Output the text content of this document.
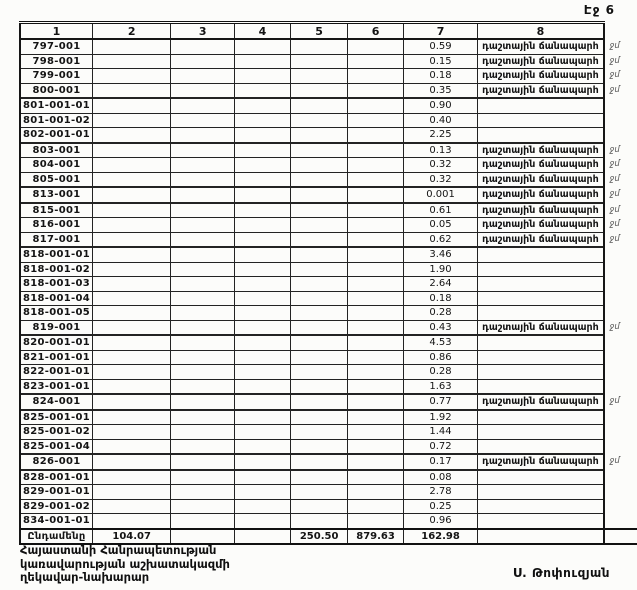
Էջ 6
1	2	3	4	5	6	7	8	
797-001						0.59	դաշտային ճանապարհ	ջմ
798-001						0.15	դաշտային ճանապարհ	ջմ
799-001						0.18	դաշտային ճանապարհ	ջմ
800-001						0.35	դաշտային ճանապարհ	ջմ
801-001-01						0.90		
801-001-02						0.40		
802-001-01						2.25		
803-001						0.13	դաշտային ճանապարհ	ջմ
804-001						0.32	դաշտային ճանապարհ	ջմ
805-001						0.32	դաշտային ճանապարհ	ջմ
813-001						0.001	դաշտային ճանապարհ	ջմ
815-001						0.61	դաշտային ճանապարհ	ջմ
816-001						0.05	դաշտային ճանապարհ	ջմ
817-001						0.62	դաշտային ճանապարհ	ջմ
818-001-01						3.46		
818-001-02						1.90		
818-001-03						2.64		
818-001-04						0.18		
818-001-05						0.28		
819-001						0.43	դաշտային ճանապարհ	ջմ
820-001-01						4.53		
821-001-01						0.86		
822-001-01						0.28		
823-001-01						1.63		
824-001						0.77	դաշտային ճանապարհ	ջմ
825-001-01						1.92		
825-001-02						1.44		
825-001-04						0.72		
826-001						0.17	դաշտային ճանապարհ	ջմ
828-001-01						0.08		
829-001-01						2.78		
829-001-02						0.25		
834-001-01						0.96		
Ընդամենը	104.07			250.50	879.63	162.98		
Հայաստանի Հանրապետության
կառավարության աշխատակազմի
ղեկավար-նախարար	Ս. Թոփուզյան
